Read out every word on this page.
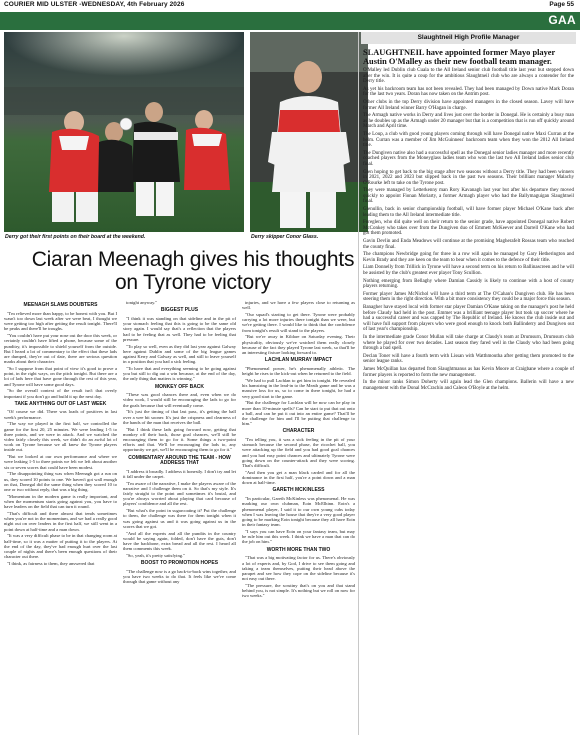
COURIER MID ULSTER -WEDNESDAY, 4th February 2026	Page 55
GAA
Derry got their first points on their board at the weekend.	Derry skipper Conor Glass.
Ciaran Meenagh gives his thoughts on Tyrone victory
MEENAGH SLAMS DOUBTERS

"I'm relieved more than happy, to be honest with you. But I wasn't too down last week after we were beat, I thought we were getting too high after getting the result tonight. There'll be peaks and there'll be troughs.

"You couldn't have put your nose out the door this week, or certainly couldn't have lifted a phone, because some of the punditry, it's impossible to shield yourself from the outside. But I heard a lot of commentary to the effect that these lads are dumped, they're out of date, there are serious question marks about their character.

"So I suppose from that point of view it's good to prove a point, in the right ways, on the pitch tonight. But there are a lot of lads here that have gone through the rest of this year, and Tyrone will have some good days.

"So the overall context of the result isn't that overly important if you don't go and build it up the next day.

TAKE ANYTHING OUT OF LAST WEEK

"Of course we did. There was loads of positives in last week's performance.

"The way we played in the first half, we controlled the game for the first 20, 25 minutes. We were leading 1-5 to three points, and we were in attack. And we watched the video fairly closely this week, we didn't do an awful lot of work on Tyrone because we all knew the Tyrone players inside out.

"But we looked at our own performance and where we were leaking 1-5 to three points we felt we left about another six or seven scores that could have been modest.

"The disappointing thing was when Meenagh got a run on us, they scored 10 points to one. We haven't got wall enough on that, Donegal did the same thing when they scored 10 to one or two without reply, that was a big thing.

"Momentum in the modern game is really important, and when the momentum starts going against you, you have to have leaders on the field that can turn it round.

"That's difficult and there almost that tends sometimes when you're not in the momentum, and we had a really good night out on over leaders in the first half, we still went in a point down at half-time and a man down.

"It was a very difficult phase to be in that changing room at half-time, so it was a matter of putting it to the players. At the end of the day, they've had enough hurt over the last couple of nights and there's been enough questions of their character out there.

"I think, as fairness to them, they answered that

tonight anyway."

BIGGEST PLUS

"I think it was standing on that sideline and in the pit of your stomach feeling that this is going to be the same old story again. I would say that's a reflection that the players had to be feeling that as well. They had to be feeling that pressure.

"To play so well, even as they did last year against Galway here against Dublin and some of the big league games against Kerry and Galway as well, and still to leave yourself in a position that you had a sick feeling.

"To have that and everything seeming to be going against you but still to dig out a win because, at the end of the day, the only thing that matters is winning."

MONKEY OFF BACK

"These was good chances there and, even when we do video work, I would still be encouraging the lads to go for the goals because that will eventually come.

"It's just the timing of that last pass, it's getting the ball over a wee bit sooner. It's just the crispness and clearness of the hands of the man that receives the ball.

"But I think these lads going forward now, getting that monkey off their back, those goal chances, we'll still be encouraging them to go for it. Some things a two-point efforts and that. We'll be encouraging the lads to, any opportunity we get, we'll be encouraging them to go for it."

COMMENTARY AROUND THE TEAM - HOW ADDRESS THAT

"I address it broadly. I address it honestly. I don't try and let it fall under the carpet.

"I'm aware of the narrative, I make the players aware of the narrative and I challenge them on it. So that's my style. It's fairly straight to the point and sometimes it's brutal, and you're always worried about playing that card because of players' confidence and all the rest.

"But what's the point in sugarcoating it? Put the challenge to them, the challenge was there for them tonight when it was going against us and it was going against us in the scores that we got.

"And all the experts and all the pundits in the country would be saying again, folded, don't have the guts, don't have the backbone, extra bread and all the rest. I heard all them comments this week.

"So, yeah, it's pretty satisfying."

BOOST TO PROMOTION HOPES

"The challenge now is a go back-to-back wins together, and you have two weeks to do that. It feels like we've come through that game without any

injuries, and we have a few players close to returning as well.

"Our squad's starting to get there. Tyrone were probably carrying a lot more injuries there tonight than we were, but we're getting there. I would like to think that the confidence from tonight's result will stand to the players.

"But we're away in Kildare on Saturday evening. Their physicality, obviously we've watched them really closely because of the fact they played Tyrone last week, so that'll be an interesting fixture looking forward to.

LACHLAN MURRAY IMPACT

"Phenomenal power, he's phenomenally athletic. The height he rises to the kick-out when he returned to the field.

"We had to pull Lachlan to get him in tonight. He revealed his hamstring in the lead-in to the Meath game and he was a massive loss for us, so to come in there tonight, he had a very good start to the game.

"But the challenge for Lachlan will be now can he play in more than 10-minute spells? Can he start to put that out onto a ball, and can he put it out into an entire game? That'll be the challenge for him and I'll be putting that challenge to him."

CHARACTER

"I'm telling you, it was a sick feeling in the pit of your stomach because the second phase, the ricochet ball, you were attacking up the field and you had good goal chances and you had easy point chances and ultimately Tyrone were going down on the counter-attack and they were scoring. That's difficult.

"And then you get a man black carded and for all the dominance in the first half, you're a point down and a man down at half-time.

GARETH MCKINLESS

"In particular, Gareth McKinless was phenomenal. He was marking our own clubman, Eoin McElhinn. Eoin's a phenomenal player, I said it to our own young cubs today when I was leaving the house that they're a very good player going to be marking Eoin tonight because they all have Eoin in their fantasy team.

"I says you can have Eoin on your fantasy team, but may be rule him out this week. I think we have a man that can do the job on him."

WORTH MORE THAN TWO

"That was a big motivating factor for us. There's obviously a lot of experts and, by God, I drive to see them going and taking a team themselves, putting their head above the parapet and see how they cope on the sideline because it's not easy out there.

"The pressure, the scrutiny that's on you and that stand behind you, is not simple. It's nothing but we roll on now for two weeks."

Slaughtneil High Profile Manager

SLAUGHTNEIL have appointed former Mayo player Austin O'Malley as their new football team manager.

O'Malley led Dublin club Cuala to the All Ireland senior club football title last year but stepped down after the win. It is quite a coup for the ambitious Slaughtneil club who are always a contender for the Derry title.

As yet his backroom team has not been revealed. They had been managed by Down native Mark Doran for the last two years. Doran has now taken on the Antrim post.

Other clubs in the top Derry division have appointed managers in the closed season. Lavey will have former All Ireland winner Barry O'Hagan in charge.

The Armagh native works in Derry and lives just over the border in Donegal. He is certainly a busy man as he doubles up as the Armagh under 20 manager but that is a competition that is run off quickly around March and April time.

The Loup, a club with good young players coming through will have Donegal native Maxi Curran at the helm. Curran was a member of Jim McGuinness' backroom team when they won the 2012 All Ireland title.

The Dungiven native also had a successful spell as the Donegal senior ladies manager and more recently coached players from the Moneyglass ladies team who won the last two All Ireland ladies senior club final.

Glen hoping to get back to the big stage after two seasons without a Derry title. They had been winners in 2021, 2022 and 2023 but slipped back in the past two seasons. Their brilliant manager Malachy O'Rourke left to take on the Tyrone post.

They were managed by Letterkenny man Rory Kavanagh last year but after his departure they moved quickly to appoint Fionan Moriarty, a former Armagh player who had the Ballymaguigan Slaughtneil final.

Glenullin, back in senior championship football, will have former player Michael O'Kane back after leading them to the All Ireland intermediate title.

Foreglen, who did quite well on their return to the senior grade, have appointed Donegal native Robert McConkey who takes over from the Dungiven duo of Emmett McKeever and Darrell O'Kane who had got them promoted.

Gavin Devlin and Enda Meadows will continue at the promising Magherafelt Rossas team who reached the county final.

The champions Newbridge going for three in a row will again be managed by Gary Hetherington and Kevin Brady and they are keen on the team to bear when it comes to the defence of their title.

Liam Donnelly from Trillick in Tyrone will have a second term on his return to Ballinascreen and he will be assisted by the club's greatest ever player Tony Scullion.

Nothing emerging from Bellaghy where Damian Cassidy is likely to continue with a host of county players returning.

Former player James McNichol will have a third term at The O'Cahan's Dungiven club. He has been steering them in the right direction. With a bit more consistency they could be a major force this season.

Banagher have stayed local with former star player Damian O'Kane taking on the manager's post he held before Claudy had held in the post. Emmet was a brilliant teenage player but took up soccer where he had a successful career and was capped by The Republic of Ireland. He knows the club inside out and will have full support from players who were good enough to knock both Ballinderry and Dungiven out of last year's championship.

In the intermediate grade Conor Mullan will take charge at Claudy's team at Drumsurn, Drumsurn club where he played for over two decades. Last season they fared well in the Claudy who had been going through a bad spell.

Declan Toner will have a fourth term with Lissan with Watthmoutha after getting them promoted to the senior league ranks.

James McQuillan has departed from Slaughtmanus as has Kevin Moore at Craigbane where a couple of former players is reported to form the new management.

In the minor ranks Simon Doherty will again lead the Glen champions. Ballerin will have a new management with the Donal McCrachin and Caleon O'Boyle at the helm.
